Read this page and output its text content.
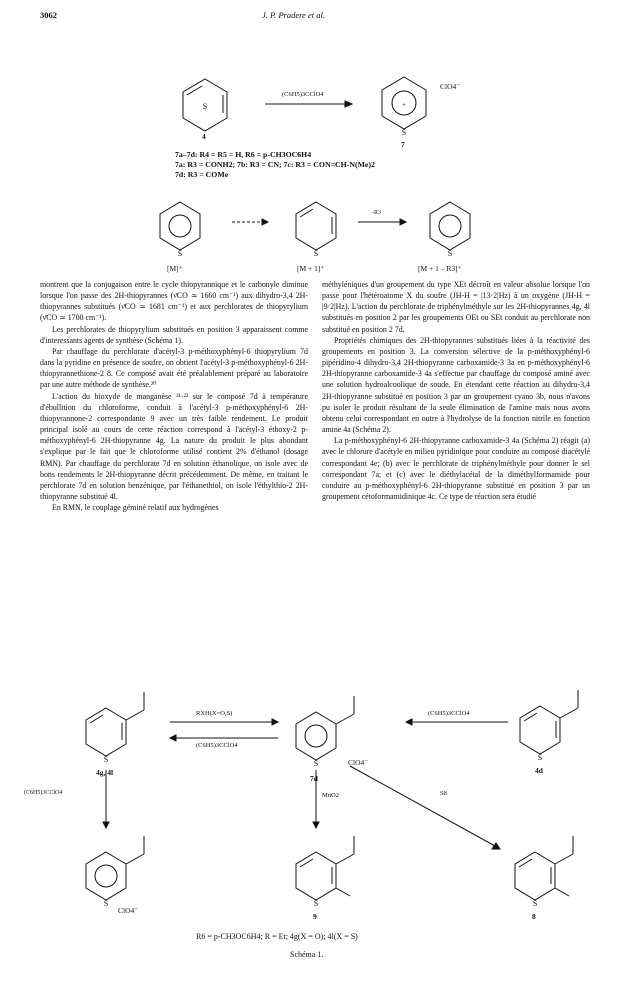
3062	J. P. Pradere et al.
S	+
S
S	S	S
S	S
S
S	S	S
(C6H5)3CClO4
ClO4⁻
4
7
7a–7d: R4 = R5 = H, R6 = p-CH3OC6H4
7a: R3 = CONH2; 7b: R3 = CN; 7c: R3 = CON=CH-N(Me)2
7d: R3 = COMe
[M]⁺	[M + 1]⁺	[M + 1 – R3]⁺
-R3

montrent que la conjugaison entre le cycle thiopyrannique et le carbonyle diminue lorsque l'on passe des 2H-thiopyrannes (ν̄CO ≃ 1660 cm⁻¹) aux dihydro-3,4 2H-thiopyrannes substitués (ν̄CO ≃ 1681 cm⁻¹) et aux perchlorates de thiopyrylium (ν̄CO ≃ 1700 cm⁻¹).

Les perchlorates de thiopyrylium substitués en position 3 apparaissent comme d'interessants agents de synthèse (Schéma 1).

Par chauffage du perchlorate d'acétyl-3 p-méthoxyphényl-6 thiopyrylium 7d dans la pyridine en présence de soufre, on obtient l'acétyl-3 p-méthoxyphényl-6 2H-thiopyrannethione-2 8. Ce composé avait été préalablement préparé au laboratoire par une autre méthode de synthèse.²⁰

L'action du bioxyde de manganèse ²¹·²² sur le composé 7d à température d'ébullition du chloroforme, conduit à l'acétyl-3 p-méthoxyphényl-6 2H-thiopyrannone-2 correspondante 9 avec un très faible rendement. Le produit principal isolé au cours de cette réaction correspond à l'acétyl-3 éthoxy-2 p-méthoxyphényl-6 2H-thiopyranne 4g. La nature du produit le plus abondant s'explique par le fait que le chloroforme utilisé contient 2% d'éthanol (dosage RMN). Par chauffage du perchlorate 7d en solution éthanolique, on isole avec de bons rendements le 2H-thiopyranne décrit précédemment. De même, en traitant le perchlorate 7d en solution benzénique, par l'éthanethiol, on isole l'éthylthio-2 2H-thiopyranne substitué 4l.

En RMN, le couplage géminé relatif aux hydrogènes

méthyléniques d'un groupement du type XEt décroît en valeur absolue lorsque l'on passe pour l'hétéroatome X du soufre (JH-H = |13·2|Hz) à un oxygène (JH-H = |9·2|Hz). L'action du perchlorate de triphénylméthyle sur les 2H-thiopyrannes 4g, 4l substitués en position 2 par les groupements OEt ou SEt conduit au perchlorate non substitué en position 2 7d.

Propriétés chimiques des 2H-thiopyrannes substitués liées à la réactivité des groupements en position 3. La conversion sélective de la p-méthoxyphényl-6 pipéridino-4 dihydro-3,4 2H-thiopyranne carboxamide-3 3a en p-méthoxyphényl-6 2H-thiopyranne carboxamide-3 4a s'effectue par chauffage du composé aminé avec une solution hydroalcoolique de soude. En étendant cette réaction au dihydro-3,4 2H-thiopyranne substitué en position 3 par un groupement cyano 3b, nous n'avons pu isoler le produit résultant de la seule élimination de l'amine mais nous avons obtenu celui correspondant en outre à l'hydrolyse de la fonction nitrile en fonction amine 4a (Schéma 2).

La p-méthoxyphényl-6 2H-thiopyranne carboxamide-3 4a (Schéma 2) réagit (a) avec le chlorure d'acétyle en milieu pyridinique pour conduire au composé diacétylé correspondant 4e; (b) avec le perchlorate de triphénylméthyle pour donner le sel correspondant 7a; et (c) avec le diéthylacétal de la diméthylformamide pour conduire au p-méthoxyphényl-6 2H-thiopyranne substitué en position 3 par un groupement cétoformamidinique 4c. Ce type de réaction sera étudié

RXH(X=O,S)
(C6H5)3CClO4
(C6H5)3CClO4
MnO2	S8
(C6H5)3CClO4
4g, 4l
7d
4d
9	8
ClO4⁻
ClO4⁻
R6 = p-CH3OC6H4; R = Et; 4g(X = O); 4l(X = S)
Schéma 1.
